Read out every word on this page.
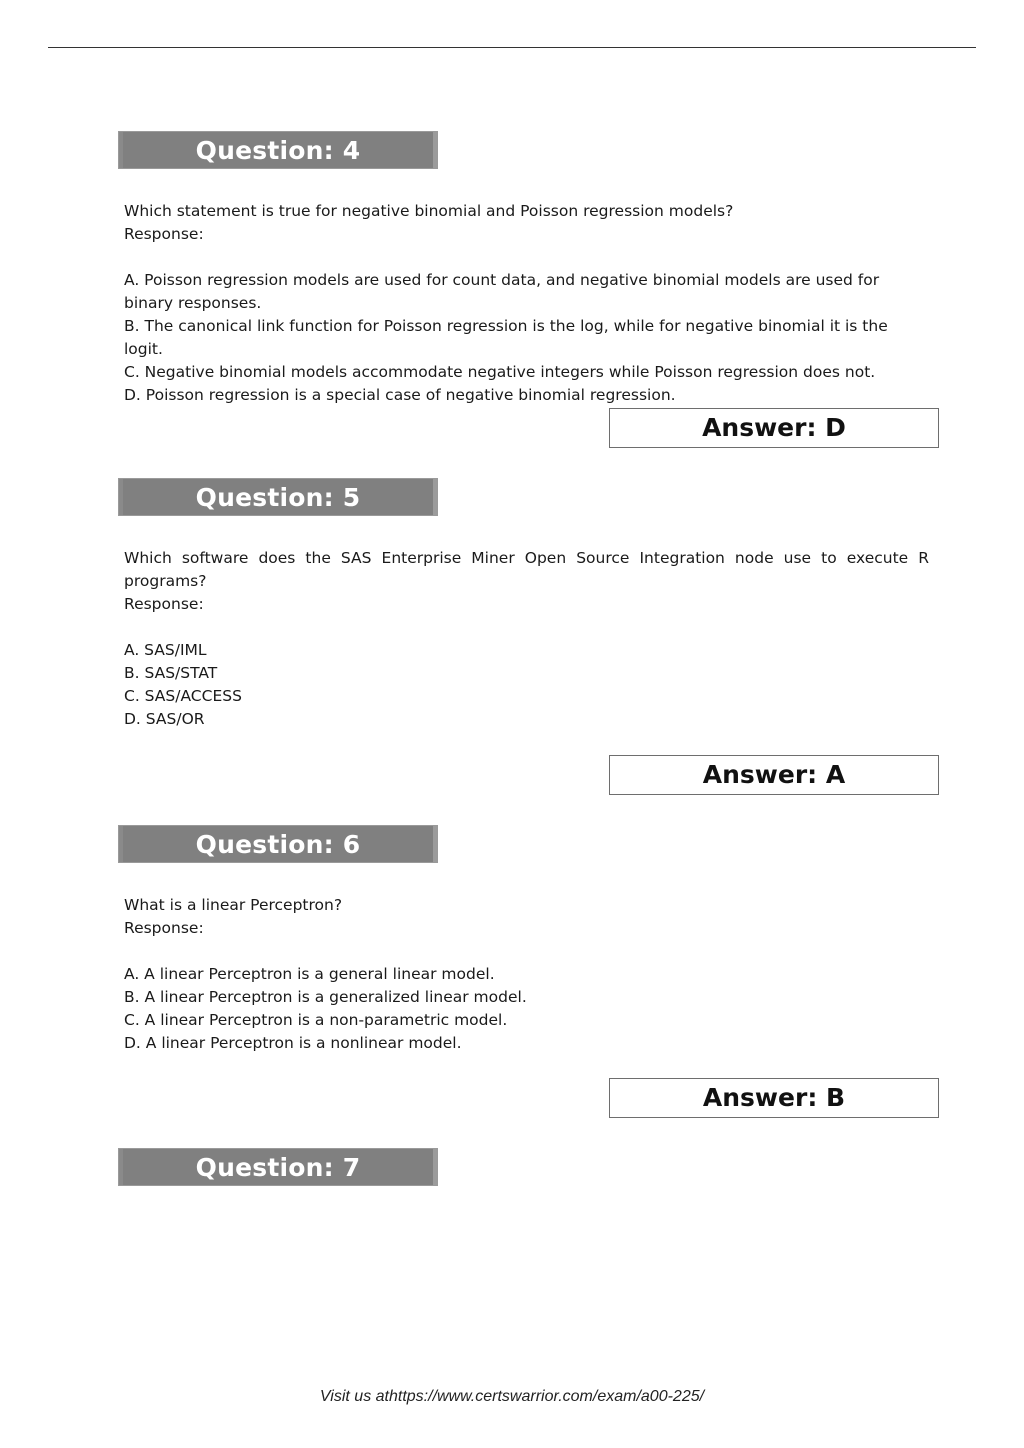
Question: 4

Which statement is true for negative binomial and Poisson regression models?

Response:

A. Poisson regression models are used for count data, and negative binomial models are used for binary responses.

B. The canonical link function for Poisson regression is the log, while for negative binomial it is the logit.

C. Negative binomial models accommodate negative integers while Poisson regression does not.

D. Poisson regression is a special case of negative binomial regression.

Answer: D
Question: 5

Which software does the SAS Enterprise Miner Open Source Integration node use to execute R programs?

Response:

A. SAS/IML

B. SAS/STAT

C. SAS/ACCESS

D. SAS/OR

Answer: A
Question: 6

What is a linear Perceptron?

Response:

A. A linear Perceptron is a general linear model.

B. A linear Perceptron is a generalized linear model.

C. A linear Perceptron is a non-parametric model.

D. A linear Perceptron is a nonlinear model.

Answer: B
Question: 7
Visit us athttps://www.certswarrior.com/exam/a00-225/
